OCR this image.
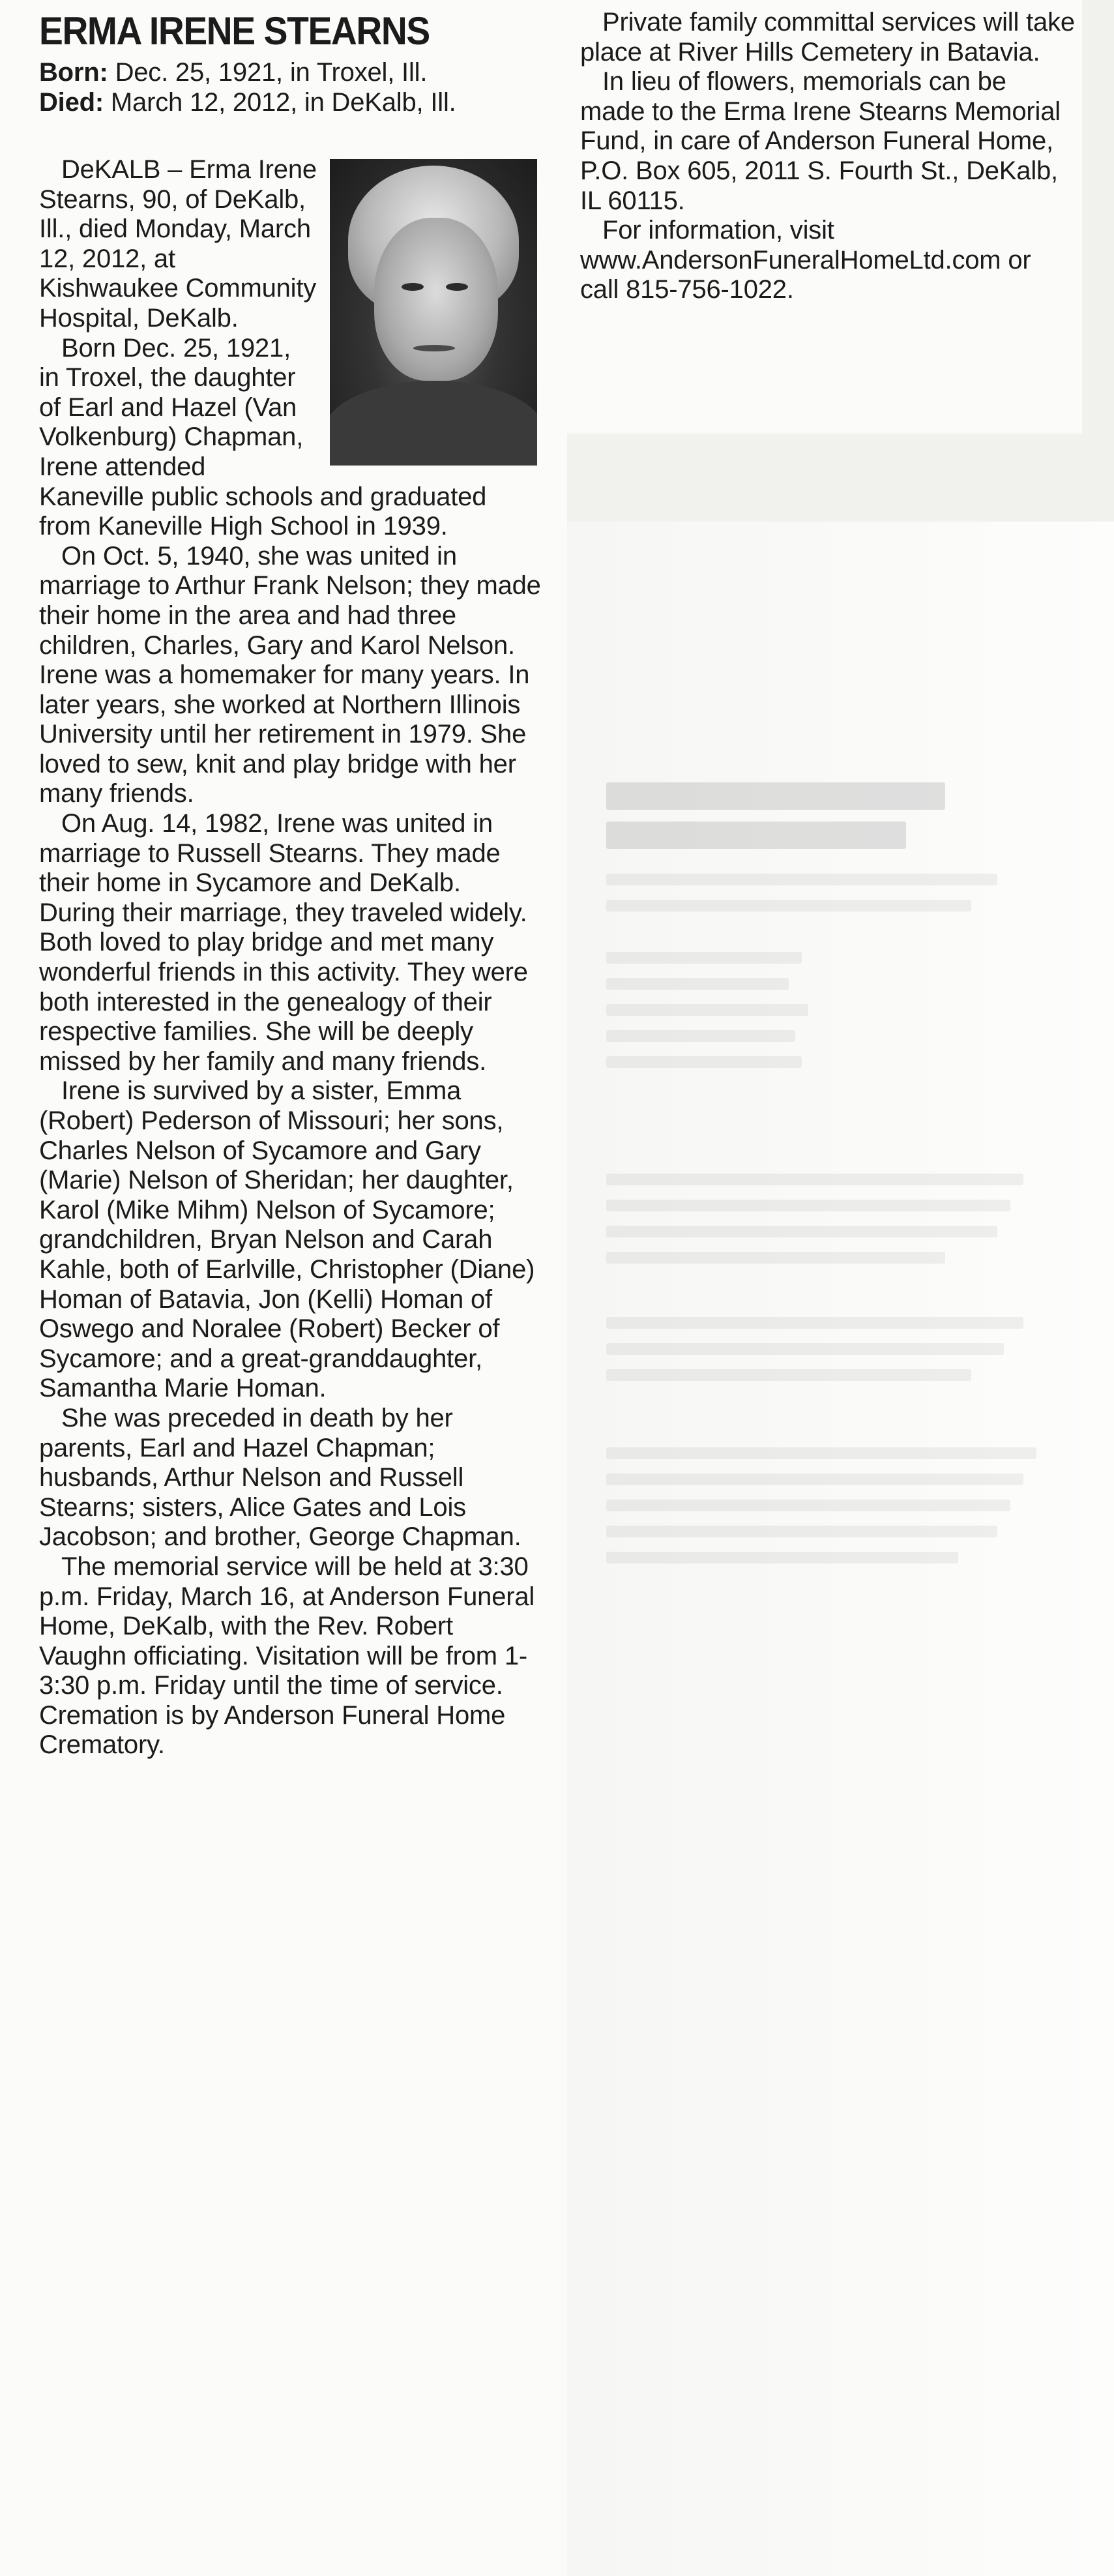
ERMA IRENE STEARNS

Born: Dec. 25, 1921, in Troxel, Ill.

Died: March 12, 2012, in DeKalb, Ill.

DeKALB – Erma Irene Stearns, 90, of DeKalb, Ill., died Monday, March 12, 2012, at Kishwaukee Community Hospital, DeKalb.

Born Dec. 25, 1921, in Troxel, the daughter of Earl and Hazel (Van Volkenburg) Chapman, Irene attended Kaneville public schools and graduated from Kaneville High School in 1939.

On Oct. 5, 1940, she was united in marriage to Arthur Frank Nelson; they made their home in the area and had three children, Charles, Gary and Karol Nelson. Irene was a homemaker for many years. In later years, she worked at Northern Illinois University until her retirement in 1979. She loved to sew, knit and play bridge with her many friends.

On Aug. 14, 1982, Irene was united in marriage to Russell Stearns. They made their home in Sycamore and DeKalb. During their marriage, they traveled widely. Both loved to play bridge and met many wonderful friends in this activity. They were both interested in the genealogy of their respective families. She will be deeply missed by her family and many friends.

Irene is survived by a sister, Emma (Robert) Pederson of Missouri; her sons, Charles Nelson of Sycamore and Gary (Marie) Nelson of Sheridan; her daughter, Karol (Mike Mihm) Nelson of Sycamore; grandchildren, Bryan Nelson and Carah Kahle, both of Earlville, Christopher (Diane) Homan of Batavia, Jon (Kelli) Homan of Oswego and Noralee (Robert) Becker of Sycamore; and a great-granddaughter, Samantha Marie Homan.

She was preceded in death by her parents, Earl and Hazel Chapman; husbands, Arthur Nelson and Russell Stearns; sisters, Alice Gates and Lois Jacobson; and brother, George Chapman.

The memorial service will be held at 3:30 p.m. Friday, March 16, at Anderson Funeral Home, DeKalb, with the Rev. Robert Vaughn officiating. Visitation will be from 1-3:30 p.m. Friday until the time of service. Cremation is by Anderson Funeral Home Crematory.

Private family committal services will take place at River Hills Cemetery in Batavia.

In lieu of flowers, memorials can be made to the Erma Irene Stearns Memorial Fund, in care of Anderson Funeral Home, P.O. Box 605, 2011 S. Fourth St., DeKalb, IL 60115.

For information, visit www.AndersonFuneralHomeLtd.com or call 815-756-1022.
